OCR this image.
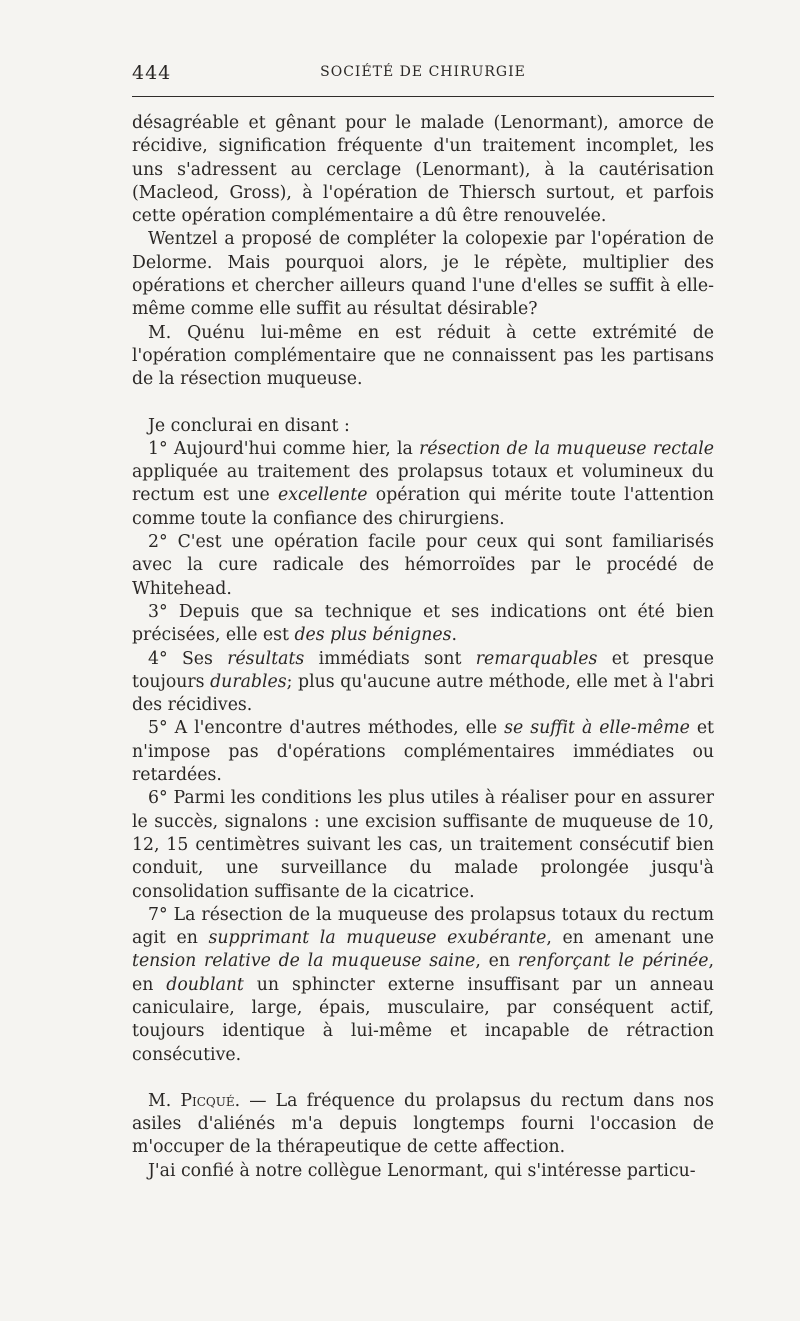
444	SOCIÉTÉ DE CHIRURGIE

désagréable et gênant pour le malade (Lenormant), amorce de récidive, signification fréquente d'un traitement incomplet, les uns s'adressent au cerclage (Lenormant), à la cautérisation (Macleod, Gross), à l'opération de Thiersch surtout, et parfois cette opération complémentaire a dû être renouvelée.

Wentzel a proposé de compléter la colopexie par l'opération de Delorme. Mais pourquoi alors, je le répète, multiplier des opérations et chercher ailleurs quand l'une d'elles se suffit à elle-même comme elle suffit au résultat désirable?

M. Quénu lui-même en est réduit à cette extrémité de l'opération complémentaire que ne connaissent pas les partisans de la résection muqueuse.

Je conclurai en disant :

1° Aujourd'hui comme hier, la résection de la muqueuse rectale appliquée au traitement des prolapsus totaux et volumineux du rectum est une excellente opération qui mérite toute l'attention comme toute la confiance des chirurgiens.

2° C'est une opération facile pour ceux qui sont familiarisés avec la cure radicale des hémorroïdes par le procédé de Whitehead.

3° Depuis que sa technique et ses indications ont été bien précisées, elle est des plus bénignes.

4° Ses résultats immédiats sont remarquables et presque toujours durables; plus qu'aucune autre méthode, elle met à l'abri des récidives.

5° A l'encontre d'autres méthodes, elle se suffit à elle-même et n'impose pas d'opérations complémentaires immédiates ou retardées.

6° Parmi les conditions les plus utiles à réaliser pour en assurer le succès, signalons : une excision suffisante de muqueuse de 10, 12, 15 centimètres suivant les cas, un traitement consécutif bien conduit, une surveillance du malade prolongée jusqu'à consolidation suffisante de la cicatrice.

7° La résection de la muqueuse des prolapsus totaux du rectum agit en supprimant la muqueuse exubérante, en amenant une tension relative de la muqueuse saine, en renforçant le périnée, en doublant un sphincter externe insuffisant par un anneau caniculaire, large, épais, musculaire, par conséquent actif, toujours identique à lui-même et incapable de rétraction consécutive.

M. Picqué. — La fréquence du prolapsus du rectum dans nos asiles d'aliénés m'a depuis longtemps fourni l'occasion de m'occuper de la thérapeutique de cette affection.

J'ai confié à notre collègue Lenormant, qui s'intéresse particu-
